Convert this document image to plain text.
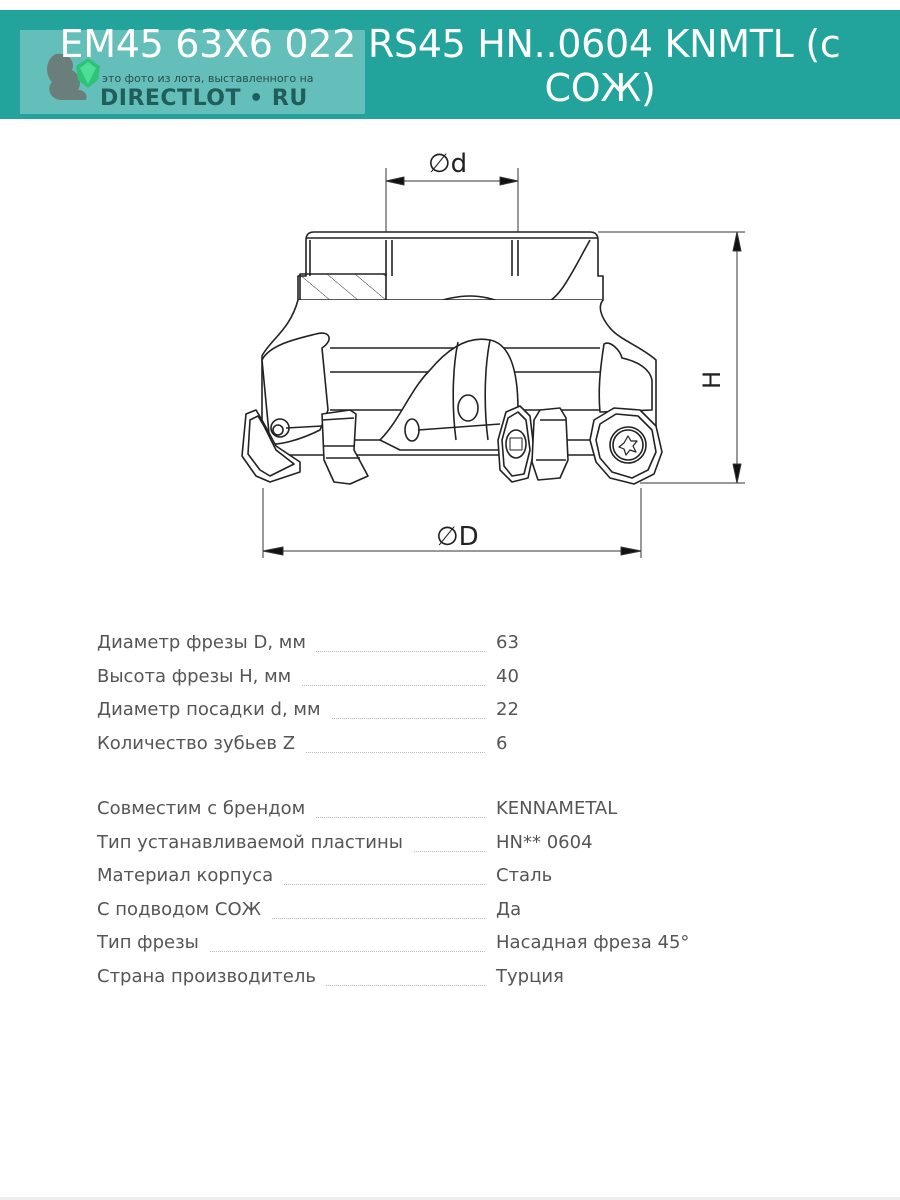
EM45 63X6 022 RS45 HN..0604 KNMTL (с
СОЖ)
это фото из лота, выставленного на
DIRECTLOT • RU
∅d
H
∅D
Диаметр фрезы D, мм	63
Высота фрезы H, мм	40
Диаметр посадки d, мм	22
Количество зубьев Z	6
Совместим с брендом	KENNAMETAL
Тип устанавливаемой пластины	HN** 0604
Материал корпуса	Сталь
С подводом СОЖ	Да
Тип фрезы	Насадная фреза 45°
Страна производитель	Турция
